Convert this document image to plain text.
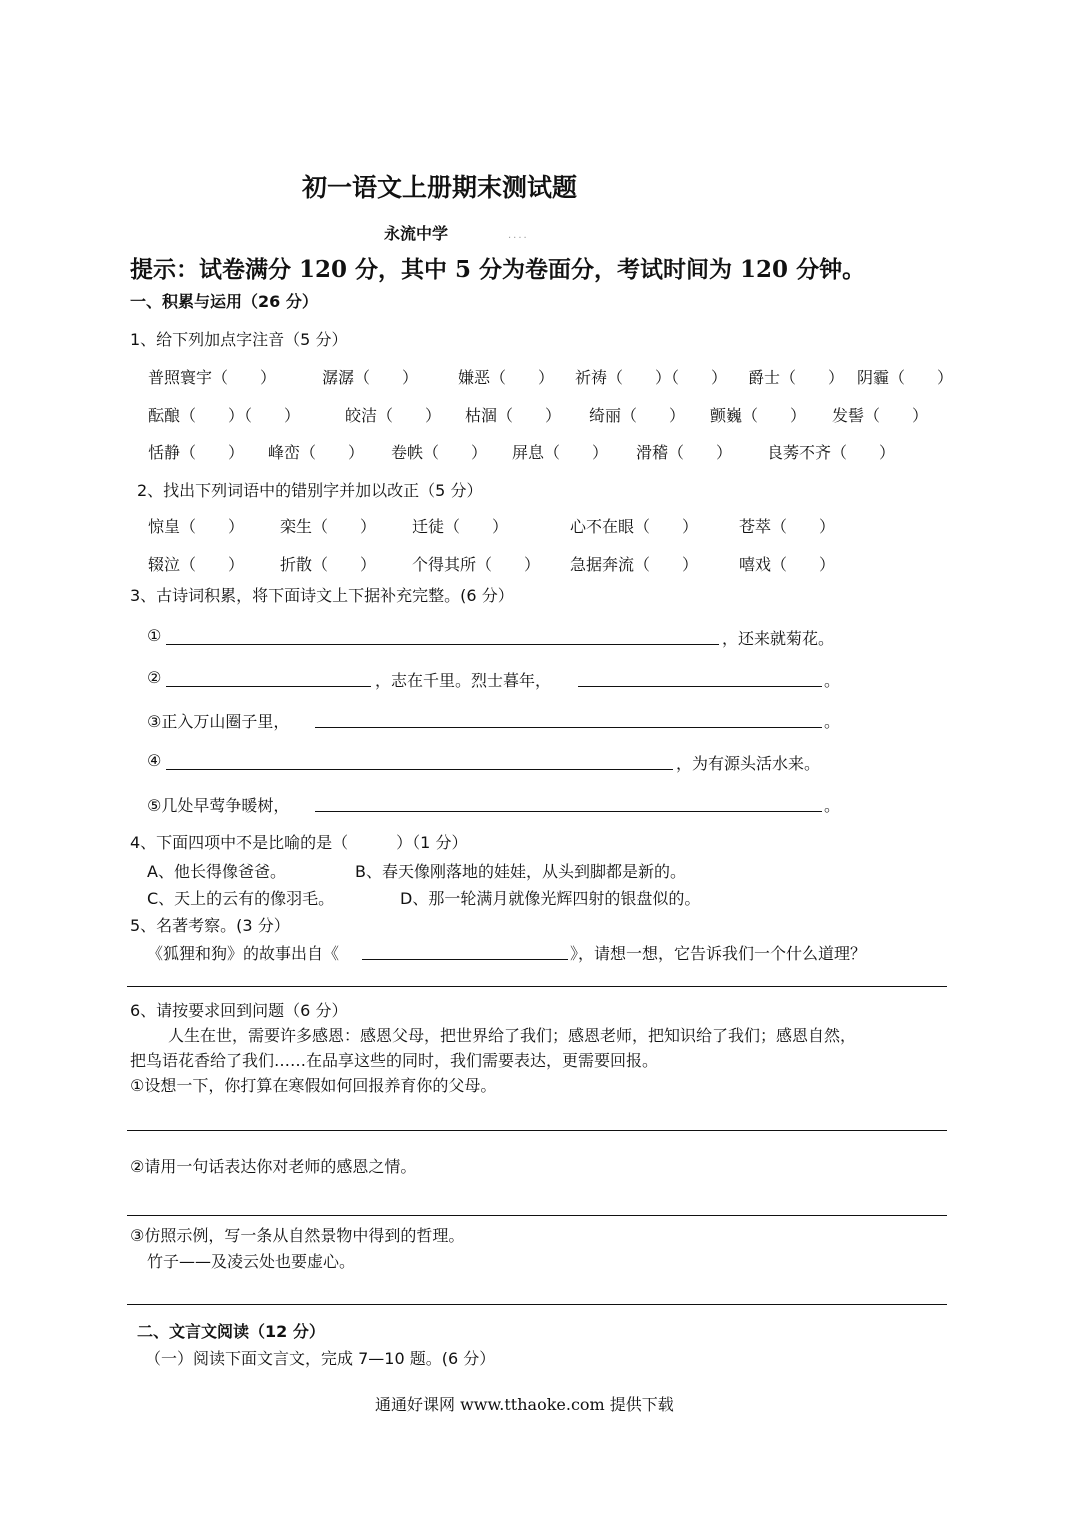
初一语文上册期末测试题
永流中学	....
提示：试卷满分 120 分，其中 5 分为卷面分，考试时间为 120 分钟。
一、积累与运用（26 分）
1、给下列加点字注音（5 分）
普照寰宇（　　）	潺潺（　　） 嫌恶（　　） 祈祷（　　）（　　） 爵士（　　） 阴霾（　　）
酝酿（　　）（　　）	皎洁（　　） 枯涸（　　） 绮丽（　　） 颤巍（　　） 发髻（　　）
恬静（　　） 峰峦（　　） 卷帙（　　） 屏息（　　） 滑稽（　　） 良莠不齐（　　）
2、找出下列词语中的错别字并加以改正（5 分）
惊皇（　　） 栾生（　　） 迁徒（　　）	心不在眼（　　）	苍萃（　　）
辍泣（　　） 折散（　　） 个得其所（　　） 急据奔流（　　）	嘻戏（　　）
3、古诗词积累，将下面诗文上下据补充完整。(6 分）
①	，还来就菊花。
②	，志在千里。烈士暮年，	。
③正入万山圈子里，	。
④	，为有源头活水来。
⑤几处早莺争暖树，	。
4、下面四项中不是比喻的是（　　　）（1 分）
A、他长得像爸爸。	B、春天像刚落地的娃娃，从头到脚都是新的。
C、天上的云有的像羽毛。	D、那一轮满月就像光辉四射的银盘似的。
5、名著考察。(3 分）
《狐狸和狗》的故事出自《	》，请想一想，它告诉我们一个什么道理？
6、请按要求回到问题（6 分）
人生在世，需要许多感恩：感恩父母，把世界给了我们；感恩老师，把知识给了我们；感恩自然，
把鸟语花香给了我们……在品享这些的同时，我们需要表达，更需要回报。
①设想一下，你打算在寒假如何回报养育你的父母。
②请用一句话表达你对老师的感恩之情。
③仿照示例，写一条从自然景物中得到的哲理。
竹子——及凌云处也要虚心。
二、文言文阅读（12 分）
（一）阅读下面文言文，完成 7—10 题。(6 分）
通通好课网 www.tthaoke.com 提供下载
